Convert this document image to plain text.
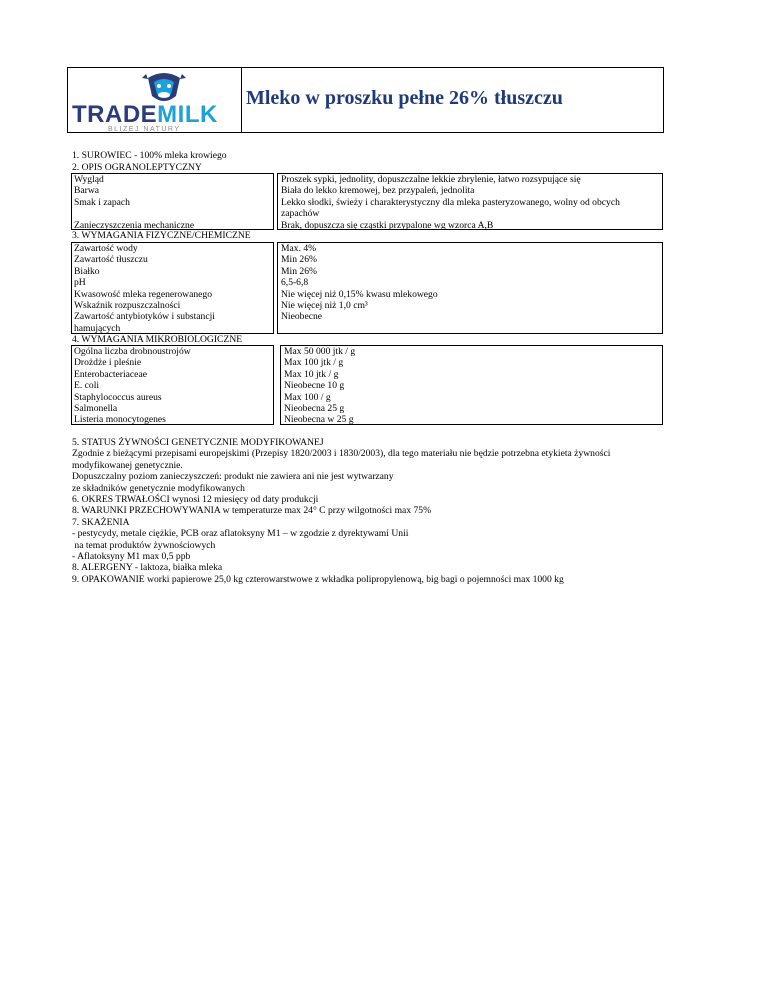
TRADEMILK
BLIŻEJ NATURY
Mleko w proszku pełne 26% tłuszczu
1. SUROWIEC - 100% mleka krowiego
2. OPIS OGRANOLEPTYCZNY
Wygląd
Barwa
Smak i zapach
Zanieczyszczenia mechaniczne
Proszek sypki, jednolity, dopuszczalne lekkie zbrylenie, łatwo rozsypujące się
Biała do lekko kremowej, bez przypaleń, jednolita
Lekko słodki, świeży i charakterystyczny dla mleka pasteryzowanego, wolny od obcych
zapachów
Brak, dopuszcza się cząstki przypalone wg wzorca A,B
3. WYMAGANIA FIZYCZNE/CHEMICZNE
Zawartość wody
Zawartość tłuszczu
Białko
pH
Kwasowość mleka regenerowanego
Wskaźnik rozpuszczalności
Zawartość antybiotyków i substancji
hamujących
Max. 4%
Min 26%
Min 26%
6,5-6,8
Nie więcej niż 0,15% kwasu mlekowego
Nie więcej niż 1,0 cm³
Nieobecne
4. WYMAGANIA MIKROBIOLOGICZNE
Ogólna liczba drobnoustrojów
Drożdże i pleśnie
Enterobacteriaceae
E. coli
Staphylococcus aureus
Salmonella
Listeria monocytogenes
Max 50 000 jtk / g
Max 100 jtk / g
Max 10 jtk / g
Nieobecne 10 g
Max 100 / g
Nieobecna 25 g
Nieobecna w 25 g
5. STATUS ŻYWNOŚCI GENETYCZNIE MODYFIKOWANEJ
Zgodnie z bieżącymi przepisami europejskimi (Przepisy 1820/2003 i 1830/2003), dla tego materiału nie będzie potrzebna etykieta żywności
modyfikowanej genetycznie.
Dopuszczalny poziom zanieczyszczeń: produkt nie zawiera ani nie jest wytwarzany
ze składników genetycznie modyfikowanych
6. OKRES TRWAŁOŚCI wynosi 12 miesięcy od daty produkcji
8. WARUNKI PRZECHOWYWANIA w temperaturze max 24° C przy wilgotności max 75%
7. SKAŻENIA
- pestycydy, metale ciężkie, PCB oraz aflatoksyny M1 – w zgodzie z dyrektywami Unii
na temat produktów żywnościowych
- Aflatoksyny M1 max 0,5 ppb
8. ALERGENY - laktoza, białka mleka
9. OPAKOWANIE worki papierowe 25,0 kg czterowarstwowe z wkładka polipropylenową, big bagi o pojemności max 1000 kg
